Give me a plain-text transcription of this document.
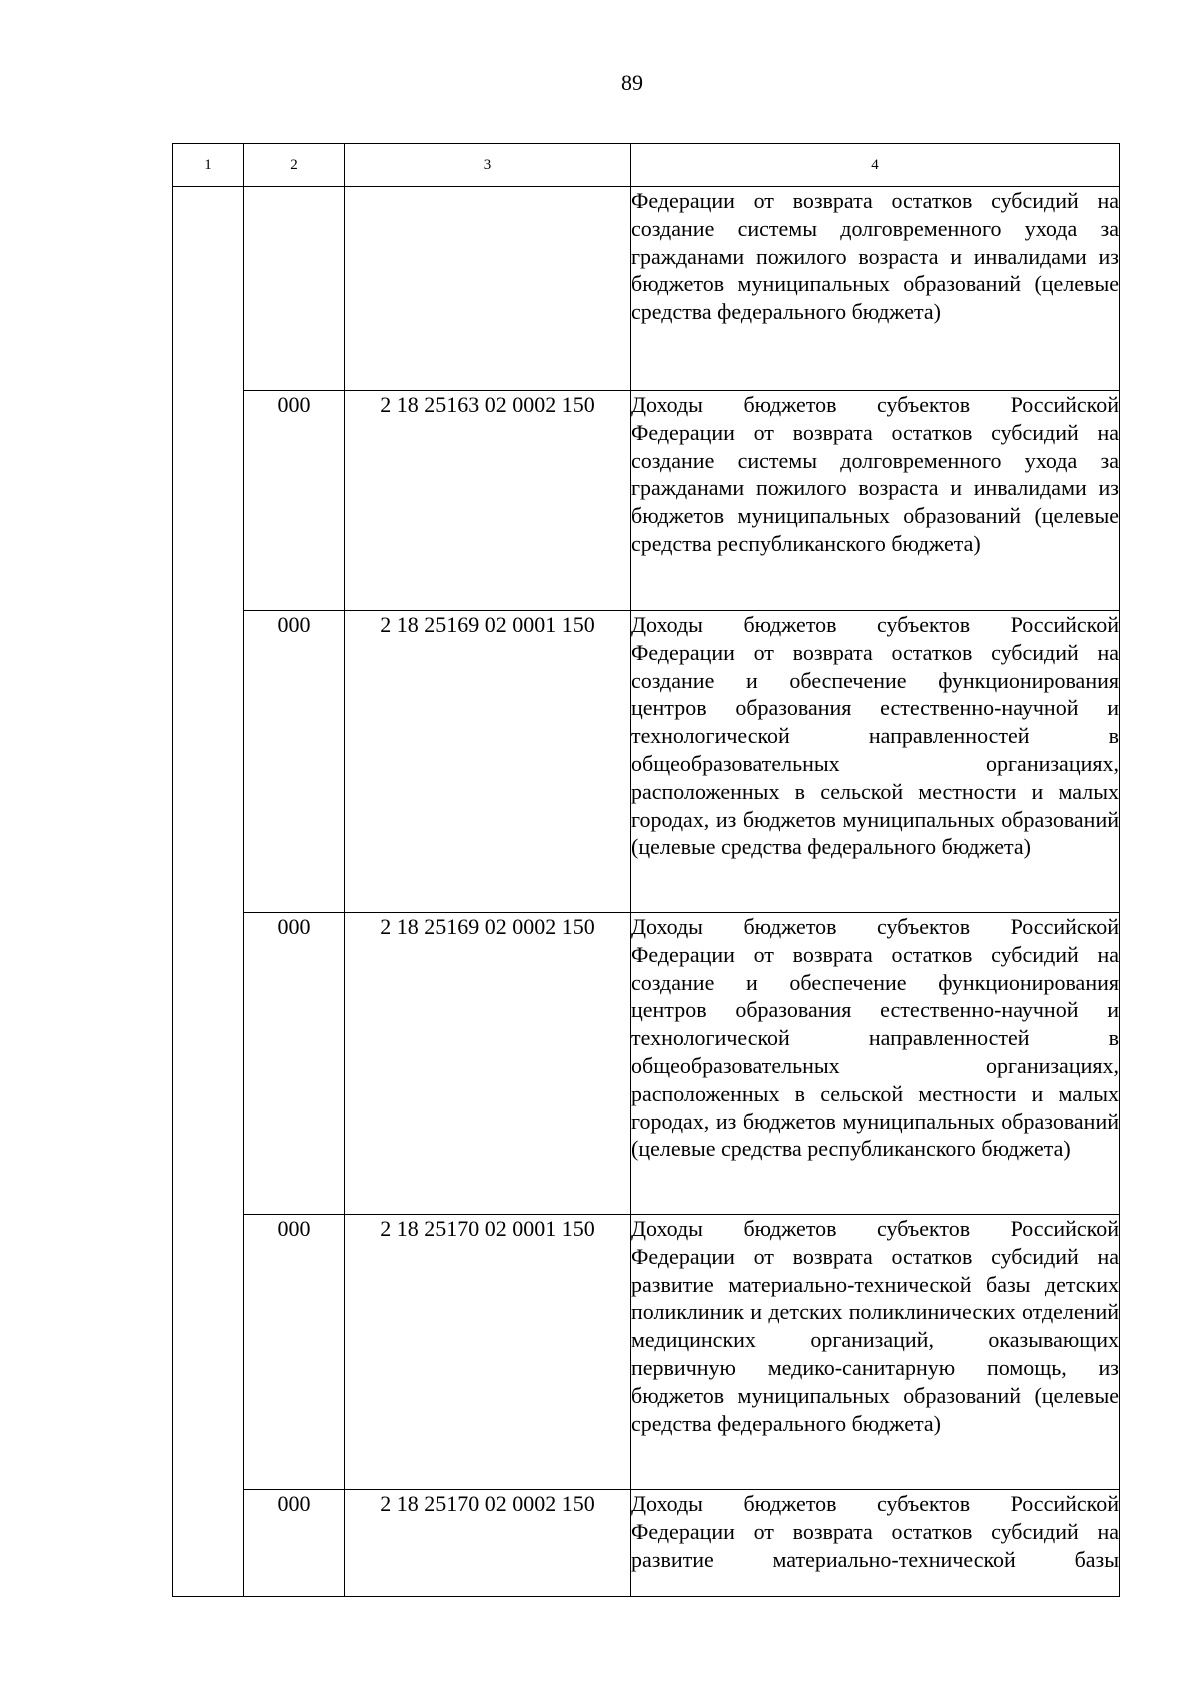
89
1	2	3	4

			Федерации от возврата остатков субсидий на создание системы долговременного ухода за гражданами пожилого возраста и инвалидами из бюджетов муниципальных образований (целевые средства федерального бюджета)

	000	2 18 25163 02 0002 150	Доходы бюджетов субъектов Российской Федерации от возврата остатков субсидий на создание системы долговременного ухода за гражданами пожилого возраста и инвалидами из бюджетов муниципальных образований (целевые средства республиканского бюджета)

	000	2 18 25169 02 0001 150	Доходы бюджетов субъектов Российской Федерации от возврата остатков субсидий на создание и обеспечение функционирования центров образования естественно-научной и технологической направленностей в общеобразовательных организациях, расположенных в сельской местности и малых городах, из бюджетов муниципальных образований (целевые средства федерального бюджета)

	000	2 18 25169 02 0002 150	Доходы бюджетов субъектов Российской Федерации от возврата остатков субсидий на создание и обеспечение функционирования центров образования естественно-научной и технологической направленностей в общеобразовательных организациях, расположенных в сельской местности и малых городах, из бюджетов муниципальных образований (целевые средства республиканского бюджета)

	000	2 18 25170 02 0001 150	Доходы бюджетов субъектов Российской Федерации от возврата остатков субсидий на развитие материально-технической базы детских поликлиник и детских поликлинических отделений медицинских организаций, оказывающих первичную медико-санитарную помощь, из бюджетов муниципальных образований (целевые средства федерального бюджета)

	000	2 18 25170 02 0002 150	Доходы бюджетов субъектов Российской Федерации от возврата остатков субсидий на развитие материально-технической базы
